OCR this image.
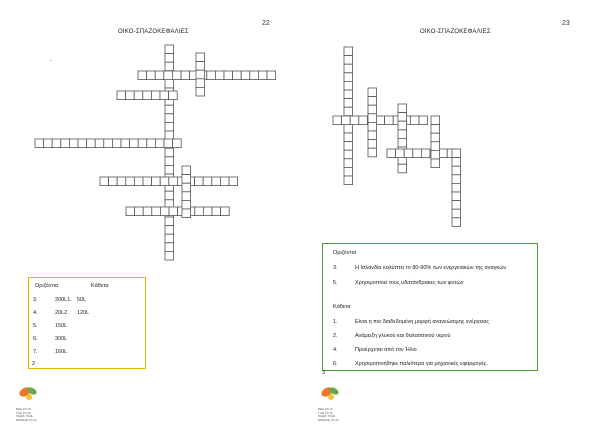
22
ΟΙΚΟ-ΣΠΑΖΟΚΕΦΑΛΙΕΣ
-
Οριζόντια	Κάθετα
3.	200L1. 50L
4.	20L2. 120L
5.	150L
6.	300L
7.	160L
2
BEE PLUS
THE PLUS
WEEK TIME
BREEZE PLUS
23
ΟΙΚΟ-ΣΠΑΖΟΚΕΦΑΛΙΕΣ
Οριζόντια
3.	Η Ισλανδία καλύπτει το 80-90% των ενεργειακών της αναγκών
5.	Χρησιμοποιεί τους υδατάνθρακες των φυτών
Κάθετα
1.	Είναι η πιο διαδεδομένη μορφή ανανεώσιμης ενέργειας
2.	Ανάμειξη γλυκού και θαλασσινού νερού
4.	Προέρχεται από τον Ήλιο
6.	Χρησιμοποιήθηκε παλιότερα για μηχανικές εφαρμογές.
3
BEE PLUS
THE PLUS
WEEK TIME
BREEZE PLUS
